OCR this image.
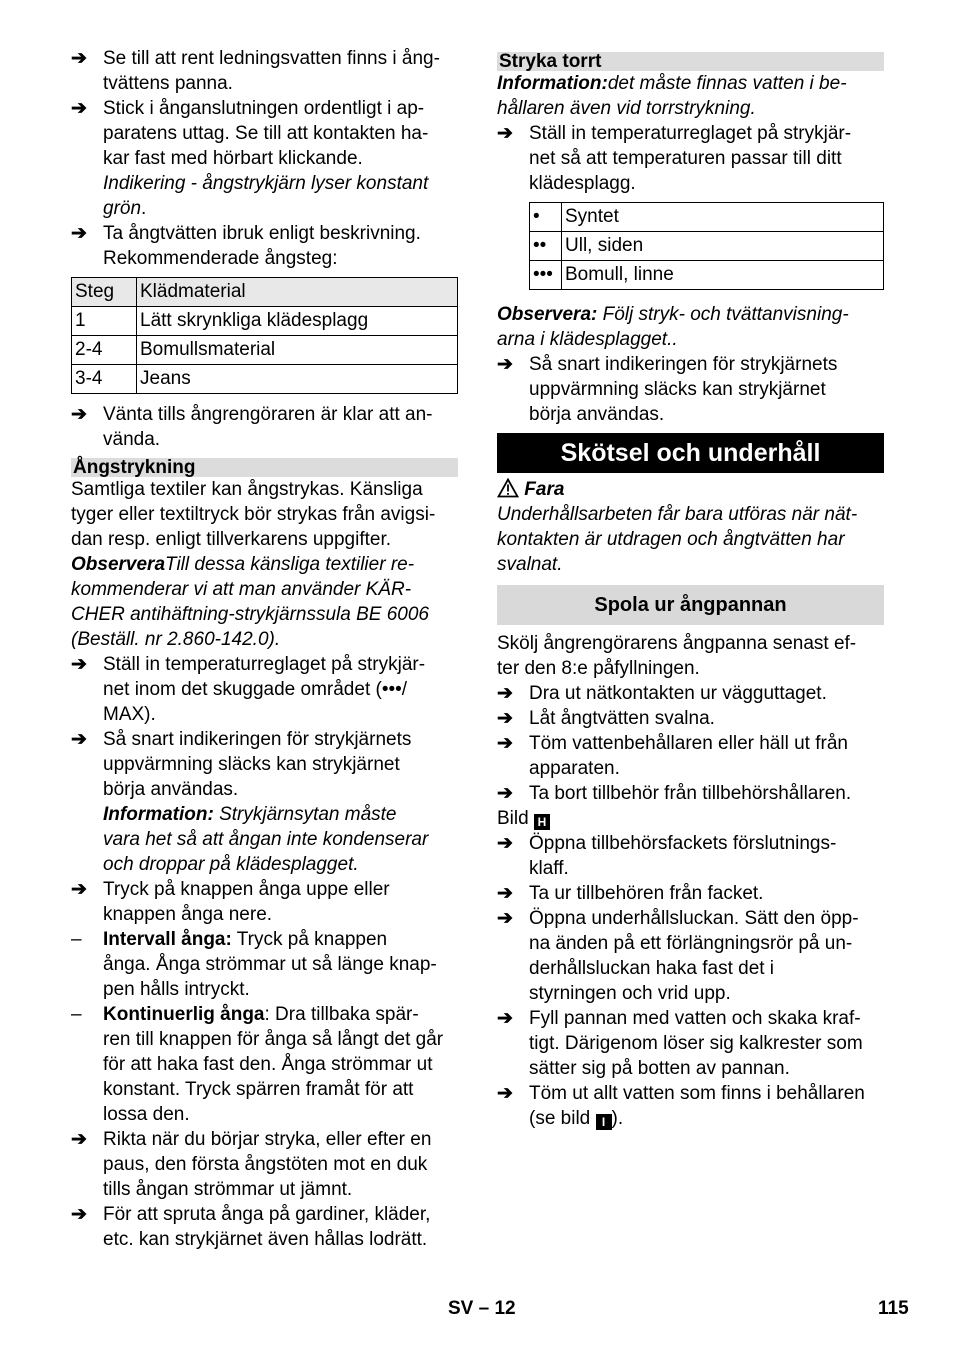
➔ Se till att rent ledningsvatten finns i ång-
tvättens panna.
➔ Stick i ånganslutningen ordentligt i ap-
paratens uttag. Se till att kontakten ha-
kar fast med hörbart klickande.
Indikering - ångstrykjärn lyser konstant
grön.
➔ Ta ångtvätten ibruk enligt beskrivning.
Rekommenderade ångsteg:
Steg	Klädmaterial
1	Lätt skrynkliga klädesplagg
2-4	Bomullsmaterial
3-4	Jeans
➔ Vänta tills ångrengöraren är klar att an-
vända.
Ångstrykning
Samtliga textiler kan ångstrykas. Känsliga
tyger eller textiltryck bör strykas från avigsi-
dan resp. enligt tillverkarens uppgifter.
ObserveraTill dessa känsliga textilier re-
kommenderar vi att man använder KÄR-
CHER antihäftning-strykjärnssula BE 6006
(Beställ. nr 2.860-142.0).
➔ Ställ in temperaturreglaget på strykjär-
net inom det skuggade området (•••/
MAX).
➔ Så snart indikeringen för strykjärnets
uppvärmning släcks kan strykjärnet
börja användas.
Information: Strykjärnsytan måste
vara het så att ångan inte kondenserar
och droppar på klädesplagget.
➔ Tryck på knappen ånga uppe eller
knappen ånga nere.
– Intervall ånga: Tryck på knappen
ånga. Ånga strömmar ut så länge knap-
pen hålls intryckt.
– Kontinuerlig ånga: Dra tillbaka spär-
ren till knappen för ånga så långt det går
för att haka fast den. Ånga strömmar ut
konstant. Tryck spärren framåt för att
lossa den.
➔ Rikta när du börjar stryka, eller efter en
paus, den första ångstöten mot en duk
tills ångan strömmar ut jämnt.
➔ För att spruta ånga på gardiner, kläder,
etc. kan strykjärnet även hållas lodrätt.
Stryka torrt
Information:det måste finnas vatten i be-
hållaren även vid torrstrykning.
➔ Ställ in temperaturreglaget på strykjär-
net så att temperaturen passar till ditt
klädesplagg.
•	Syntet
••	Ull, siden
•••	Bomull, linne
Observera: Följ stryk- och tvättanvisning-
arna i klädesplagget..
➔ Så snart indikeringen för strykjärnets
uppvärmning släcks kan strykjärnet
börja användas.
Skötsel och underhåll
Fara
Underhållsarbeten får bara utföras när nät-
kontakten är utdragen och ångtvätten har
svalnat.
Spola ur ångpannan
Skölj ångrengörarens ångpanna senast ef-
ter den 8:e påfyllningen.
➔ Dra ut nätkontakten ur vägguttaget.
➔ Låt ångtvätten svalna.
➔ Töm vattenbehållaren eller häll ut från
apparaten.
➔ Ta bort tillbehör från tillbehörshållaren.
Bild H
➔ Öppna tillbehörsfackets förslutnings-
klaff.
➔ Ta ur tillbehören från facket.
➔ Öppna underhållsluckan. Sätt den öpp-
na änden på ett förlängningsrör på un-
derhållsluckan haka fast det i
styrningen och vrid upp.
➔ Fyll pannan med vatten och skaka kraf-
tigt. Därigenom löser sig kalkrester som
sätter sig på botten av pannan.
➔ Töm ut allt vatten som finns i behållaren
(se bild I ).
SV – 12	115
